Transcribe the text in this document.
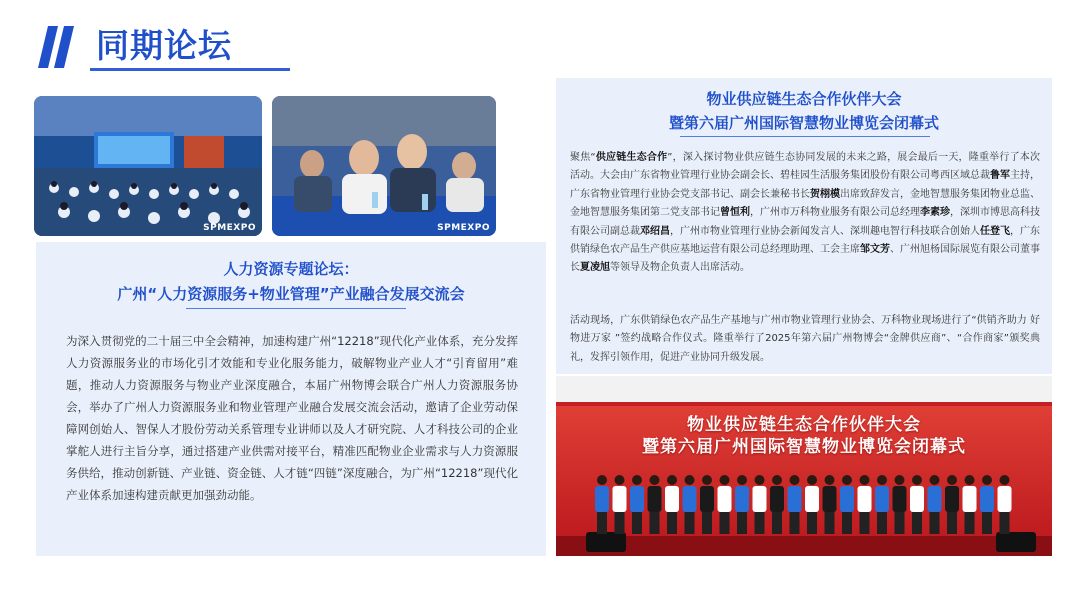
同期论坛
SPMEXPO	SPMEXPO
人力资源专题论坛：
广州“人力资源服务+物业管理”产业融合发展交流会
为深入贯彻党的二十届三中全会精神，加速构建广州“12218”现代化产业体系，充分发挥人力资源服务业的市场化引才效能和专业化服务能力，破解物业产业人才“引育留用”难题，推动人力资源服务与物业产业深度融合，本届广州物博会联合广州人力资源服务协会，举办了广州人力资源服务业和物业管理产业融合发展交流会活动，邀请了企业劳动保障网创始人、智保人才股份劳动关系管理专业讲师以及人才研究院、人才科技公司的企业掌舵人进行主旨分享，通过搭建产业供需对接平台，精准匹配物业企业需求与人力资源服务供给，推动创新链、产业链、资金链、人才链“四链”深度融合，为广州“12218”现代化产业体系加速构建贡献更加强劲动能。
物业供应链生态合作伙伴大会
暨第六届广州国际智慧物业博览会闭幕式
聚焦“供应链生态合作”，深入探讨物业供应链生态协同发展的未来之路，展会最后一天，隆重举行了本次活动。大会由广东省物业管理行业协会副会长、碧桂园生活服务集团股份有限公司粤西区域总裁鲁军主持，广东省物业管理行业协会党支部书记、副会长兼秘书长贺栩模出席致辞发言，金地智慧服务集团物业总监、金地智慧服务集团第二党支部书记曾恒利，广州市万科物业服务有限公司总经理李素珍，深圳市博思高科技有限公司副总裁邓绍昌，广州市物业管理行业协会新闻发言人、深圳趣电智行科技联合创始人任登飞，广东供销绿色农产品生产供应基地运营有限公司总经理助理、工会主席邹文芳、广州旭杨国际展览有限公司董事长夏凌旭等领导及物企负责人出席活动。
活动现场，广东供销绿色农产品生产基地与广州市物业管理行业协会、万科物业现场进行了“供销齐助力 好物进万家 ”签约战略合作仪式。隆重举行了2025年第六届广州物博会“金牌供应商”、“合作商家”颁奖典礼，发挥引领作用，促进产业协同升级发展。
物业供应链生态合作伙伴大会
暨第六届广州国际智慧物业博览会闭幕式
